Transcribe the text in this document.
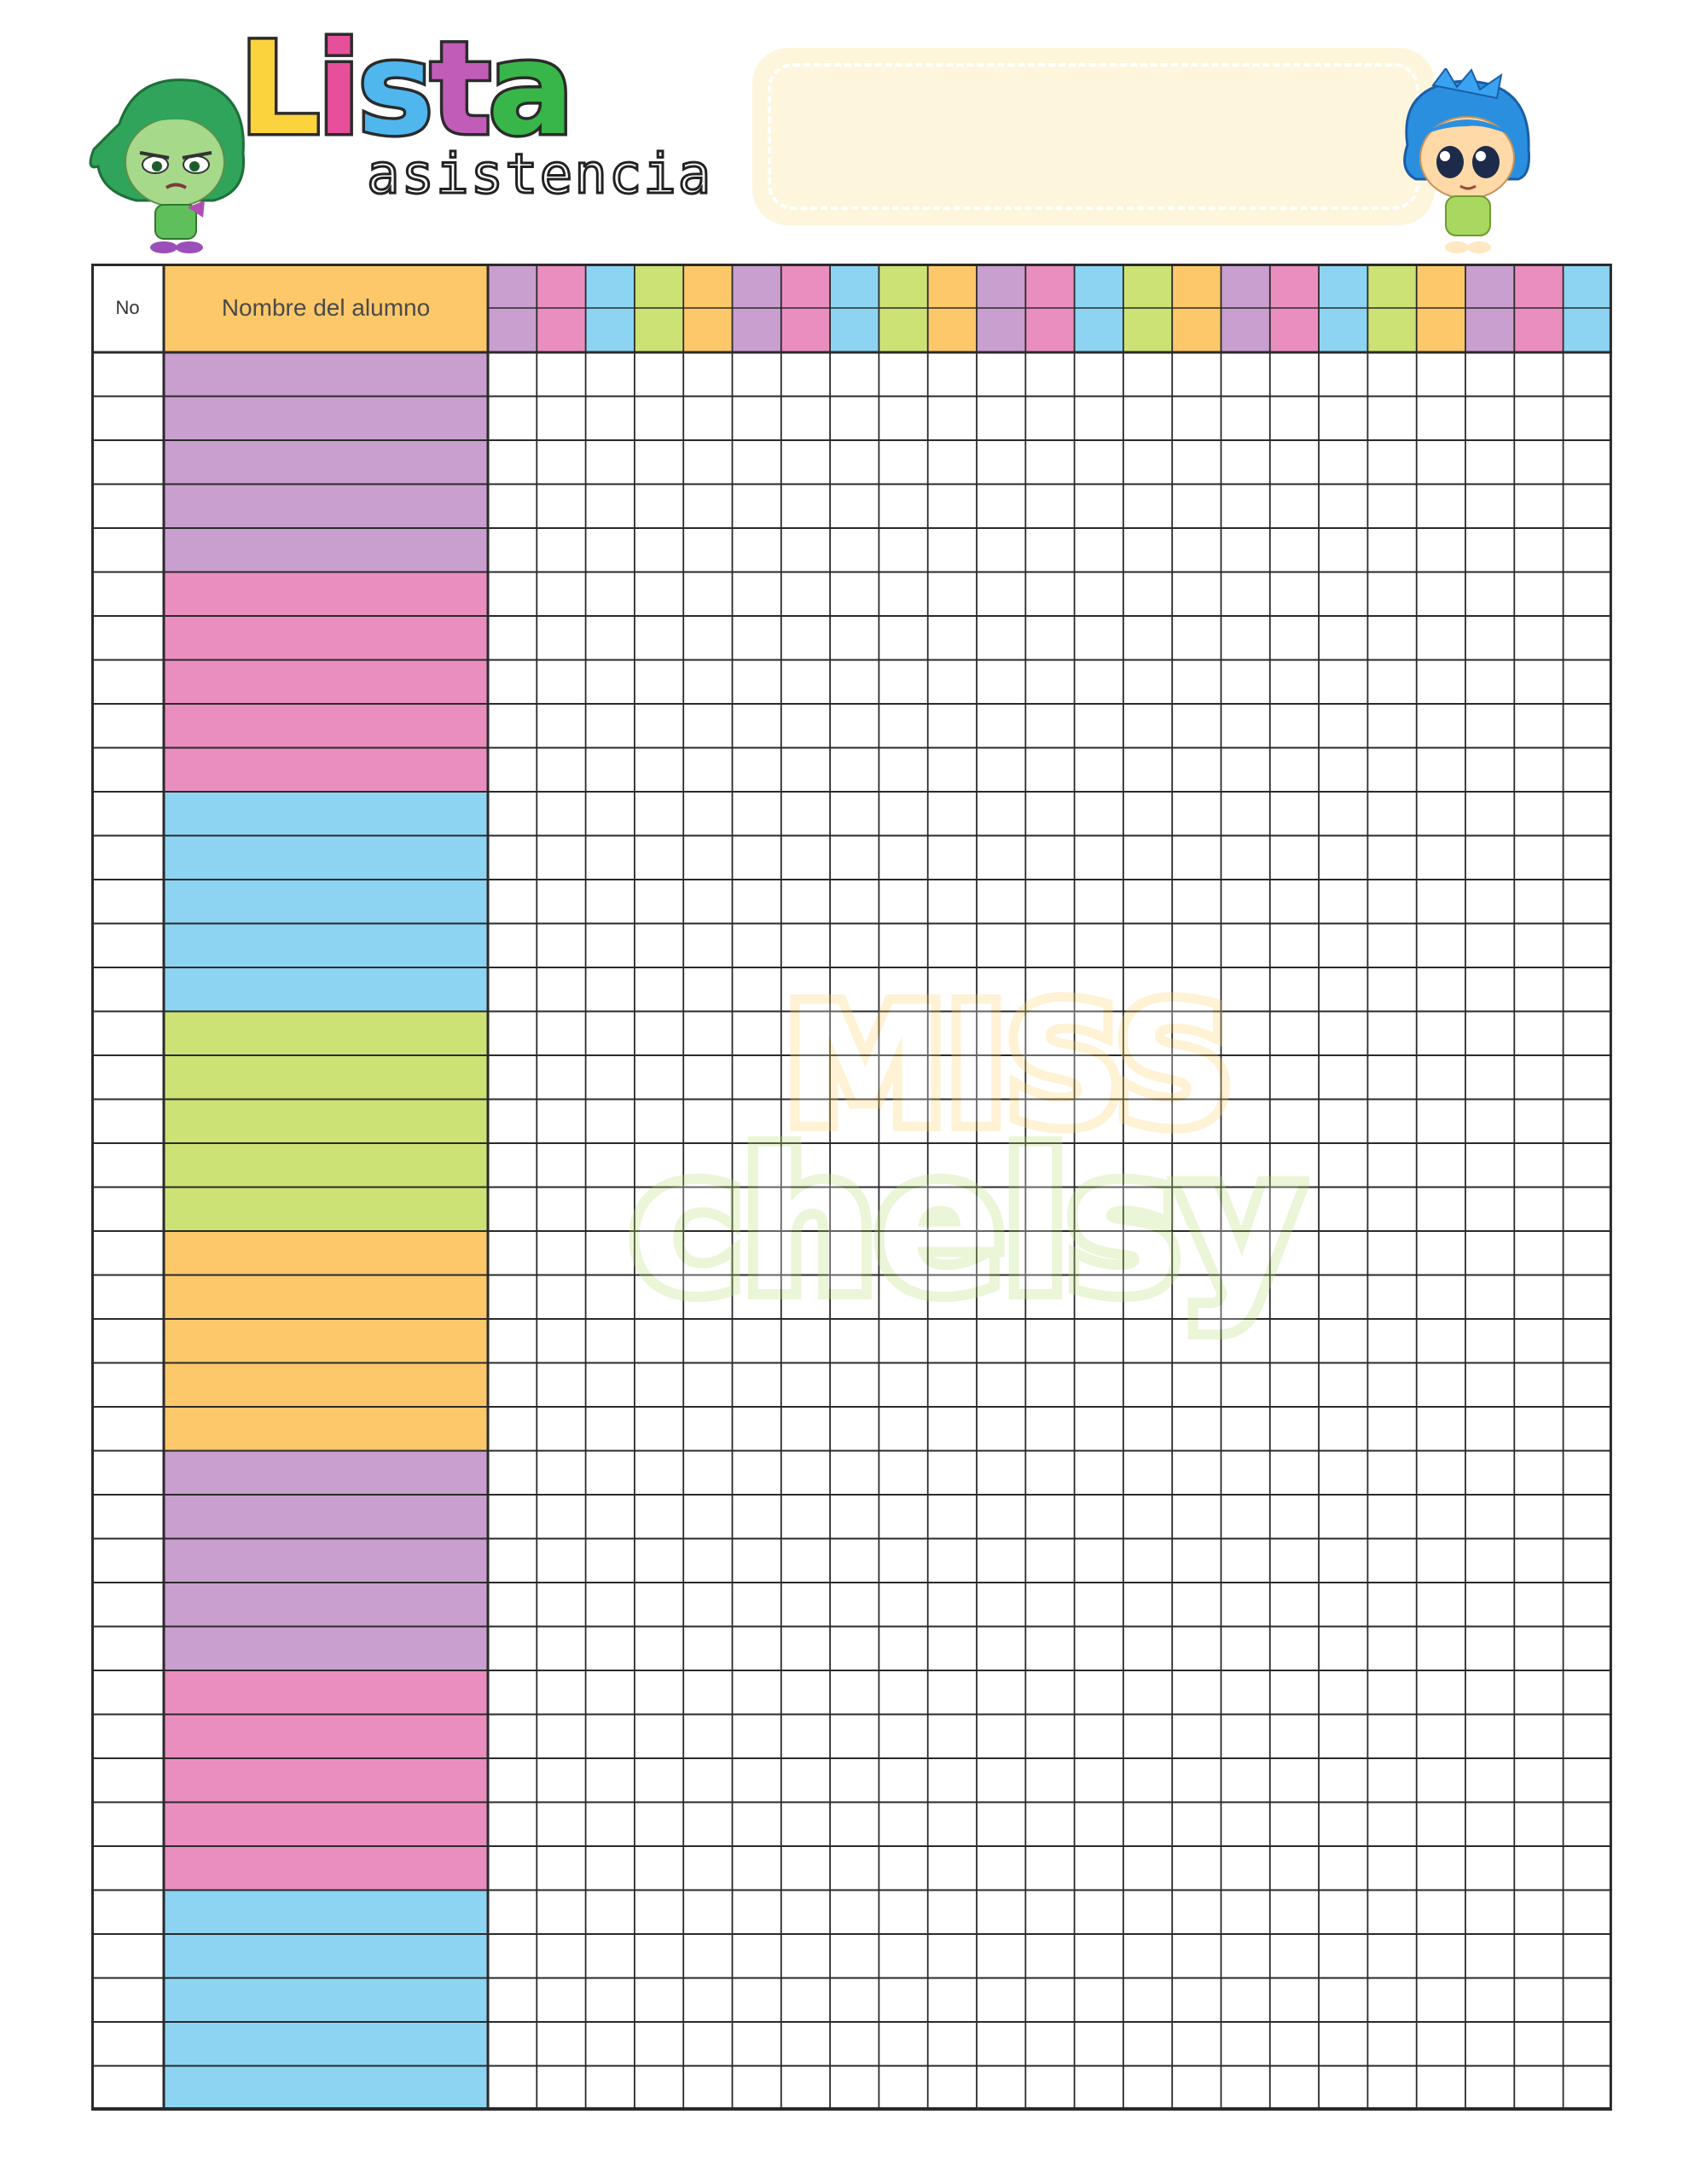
Lista
asistencia
No	Nombre del alumno
MISS
chelsy
